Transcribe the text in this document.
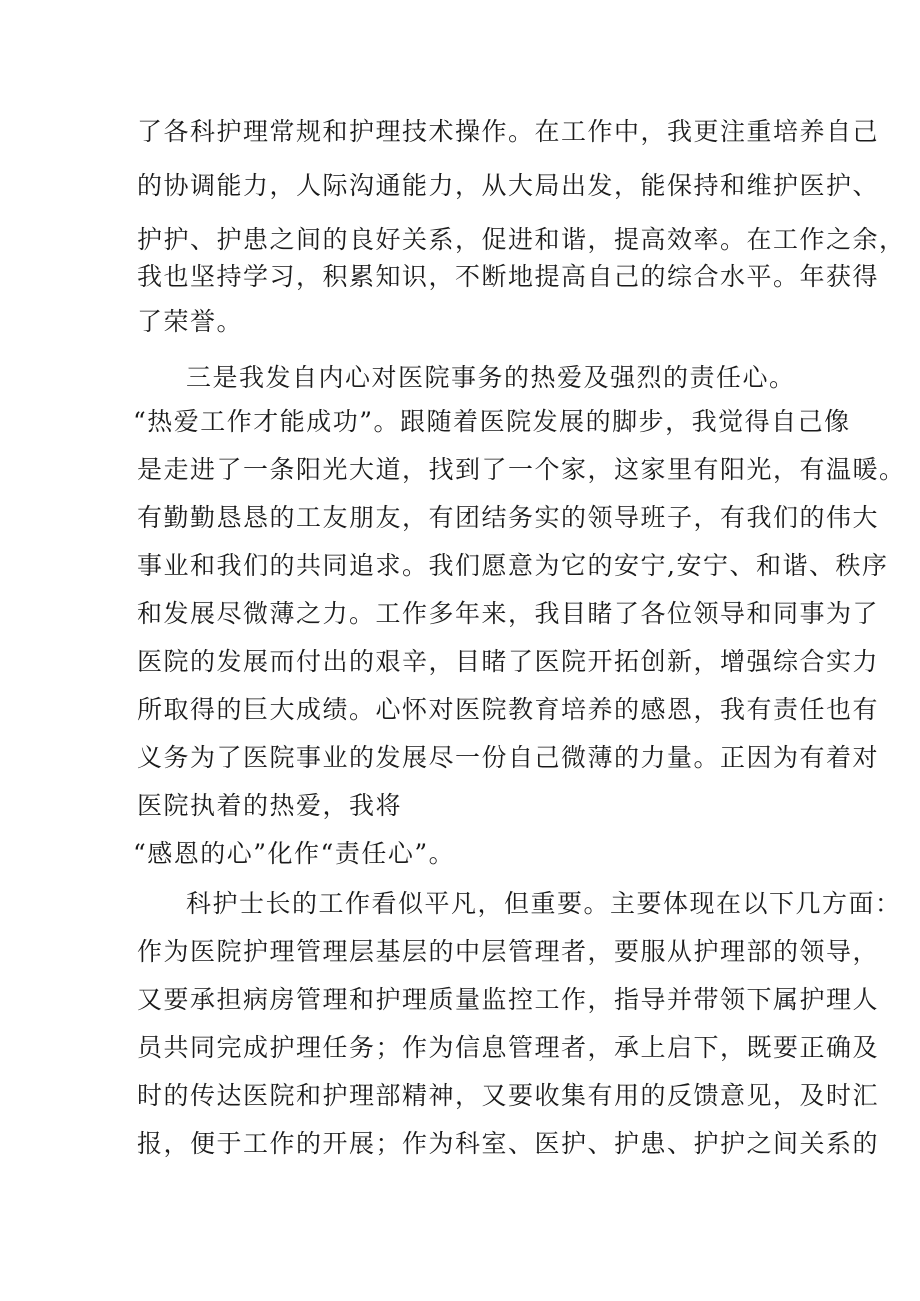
了各科护理常规和护理技术操作。在工作中，我更注重培养自己
的协调能力，人际沟通能力，从大局出发，能保持和维护医护、
护护、护患之间的良好关系，促进和谐，提高效率。在工作之余，
我也坚持学习，积累知识，不断地提高自己的综合水平。年获得
了荣誉。
三是我发自内心对医院事务的热爱及强烈的责任心。
“热爱工作才能成功”。跟随着医院发展的脚步，我觉得自己像
是走进了一条阳光大道，找到了一个家，这家里有阳光，有温暖。
有勤勤恳恳的工友朋友，有团结务实的领导班子，有我们的伟大
事业和我们的共同追求。我们愿意为它的安宁,安宁、和谐、秩序
和发展尽微薄之力。工作多年来，我目睹了各位领导和同事为了
医院的发展而付出的艰辛，目睹了医院开拓创新，增强综合实力
所取得的巨大成绩。心怀对医院教育培养的感恩，我有责任也有
义务为了医院事业的发展尽一份自己微薄的力量。正因为有着对
医院执着的热爱，我将
“感恩的心”化作“责任心”。
科护士长的工作看似平凡，但重要。主要体现在以下几方面：
作为医院护理管理层基层的中层管理者，要服从护理部的领导，
又要承担病房管理和护理质量监控工作，指导并带领下属护理人
员共同完成护理任务；作为信息管理者，承上启下，既要正确及
时的传达医院和护理部精神，又要收集有用的反馈意见，及时汇
报，便于工作的开展；作为科室、医护、护患、护护之间关系的
